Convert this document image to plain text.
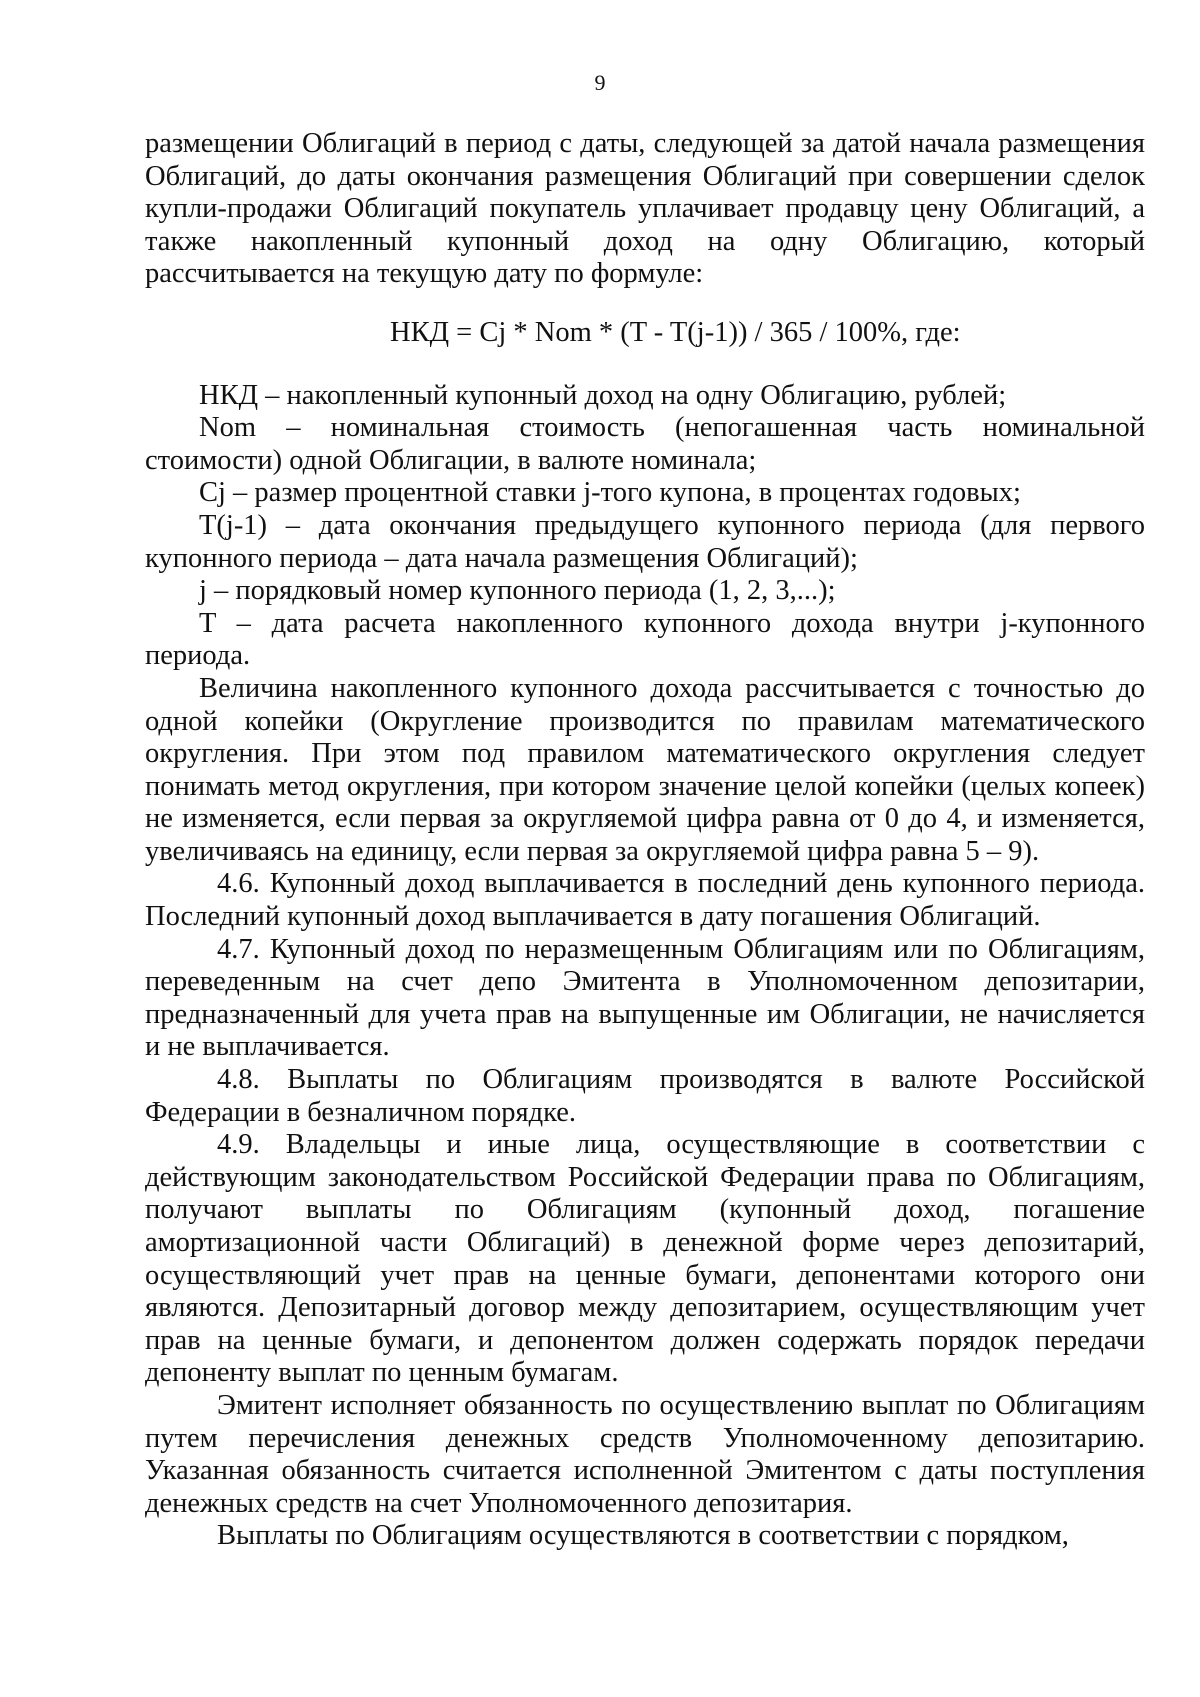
9

размещении Облигаций в период с даты, следующей за датой начала размещения Облигаций, до даты окончания размещения Облигаций при совершении сделок купли-продажи Облигаций покупатель уплачивает продавцу цену Облигаций, а также накопленный купонный доход на одну Облигацию, который рассчитывается на текущую дату по формуле:

НКД = Cj * Nom * (T - T(j-1)) / 365 / 100%, где:

НКД – накопленный купонный доход на одну Облигацию, рублей;

Nom – номинальная стоимость (непогашенная часть номинальной стоимости) одной Облигации, в валюте номинала;

Cj – размер процентной ставки j-того купона, в процентах годовых;

T(j-1) – дата окончания предыдущего купонного периода (для первого купонного периода – дата начала размещения Облигаций);

j – порядковый номер купонного периода (1, 2, 3,...);

T – дата расчета накопленного купонного дохода внутри j-купонного периода.

Величина накопленного купонного дохода рассчитывается с точностью до одной копейки (Округление производится по правилам математического округления. При этом под правилом математического округления следует понимать метод округления, при котором значение целой копейки (целых копеек) не изменяется, если первая за округляемой цифра равна от 0 до 4, и изменяется, увеличиваясь на единицу, если первая за округляемой цифра равна 5 – 9).

4.6. Купонный доход выплачивается в последний день купонного периода. Последний купонный доход выплачивается в дату погашения Облигаций.

4.7. Купонный доход по неразмещенным Облигациям или по Облигациям, переведенным на счет депо Эмитента в Уполномоченном депозитарии, предназначенный для учета прав на выпущенные им Облигации, не начисляется и не выплачивается.

4.8. Выплаты по Облигациям производятся в валюте Российской Федерации в безналичном порядке.

4.9. Владельцы и иные лица, осуществляющие в соответствии с действующим законодательством Российской Федерации права по Облигациям, получают выплаты по Облигациям (купонный доход, погашение амортизационной части Облигаций) в денежной форме через депозитарий, осуществляющий учет прав на ценные бумаги, депонентами которого они являются. Депозитарный договор между депозитарием, осуществляющим учет прав на ценные бумаги, и депонентом должен содержать порядок передачи депоненту выплат по ценным бумагам.

Эмитент исполняет обязанность по осуществлению выплат по Облигациям путем перечисления денежных средств Уполномоченному депозитарию. Указанная обязанность считается исполненной Эмитентом с даты поступления денежных средств на счет Уполномоченного депозитария.

Выплаты по Облигациям осуществляются в соответствии с порядком,
